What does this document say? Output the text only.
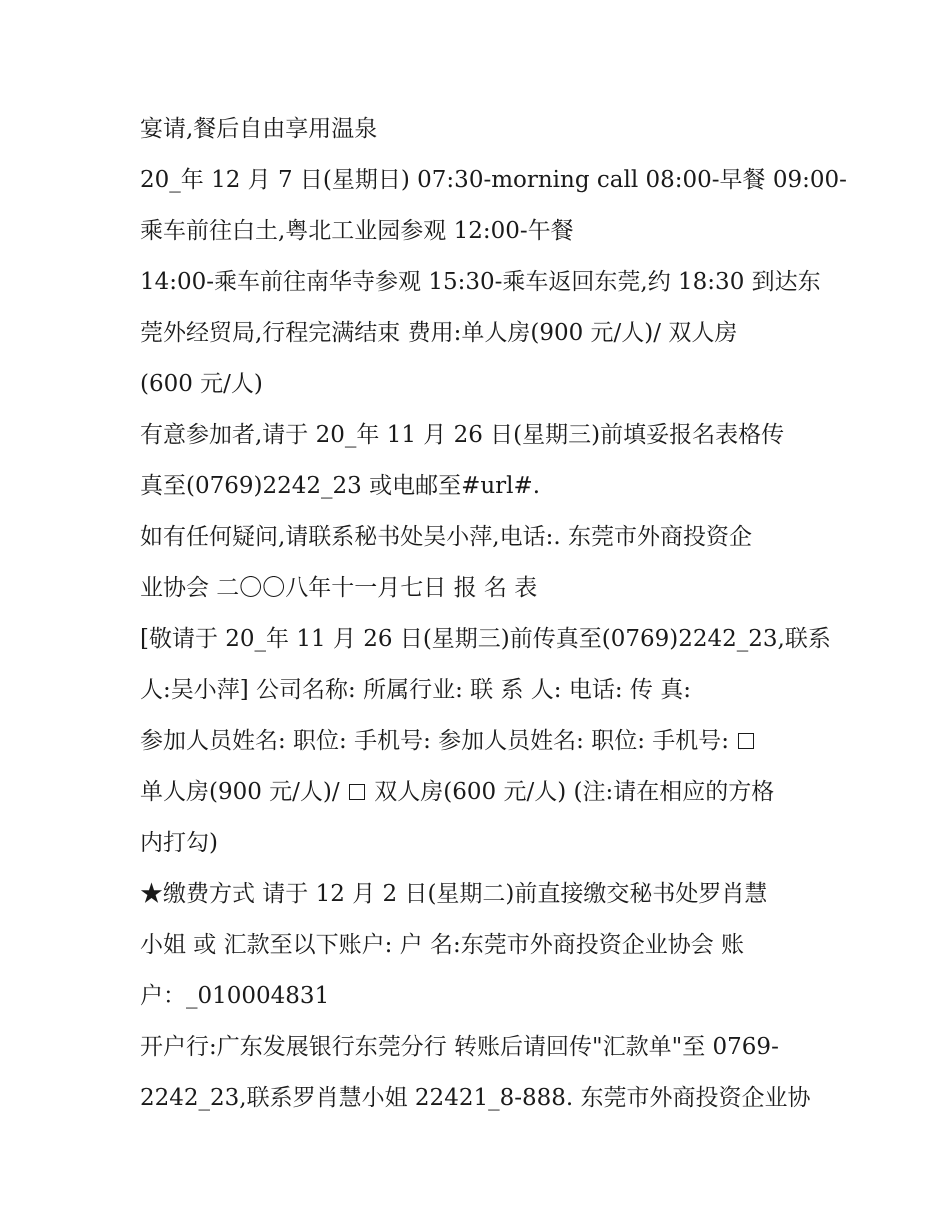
宴请,餐后自由享用温泉
20_年 12 月 7 日(星期日) 07:30-morning call 08:00-早餐 09:00-
乘车前往白土,粤北工业园参观 12:00-午餐
14:00-乘车前往南华寺参观 15:30-乘车返回东莞,约 18:30 到达东
莞外经贸局,行程完满结束 费用:单人房(900 元/人)/ 双人房
(600 元/人)
有意参加者,请于 20_年 11 月 26 日(星期三)前填妥报名表格传
真至(0769)2242_23 或电邮至#url#.
如有任何疑问,请联系秘书处吴小萍,电话:. 东莞市外商投资企
业协会 二〇〇八年十一月七日 报 名 表
[敬请于 20_年 11 月 26 日(星期三)前传真至(0769)2242_23,联系
人:吴小萍] 公司名称: 所属行业: 联 系 人: 电话: 传 真:
参加人员姓名: 职位: 手机号: 参加人员姓名: 职位: 手机号:
单人房(900 元/人)/ 双人房(600 元/人) (注:请在相应的方格
内打勾)
★缴费方式 请于 12 月 2 日(星期二)前直接缴交秘书处罗肖慧
小姐 或 汇款至以下账户: 户 名:东莞市外商投资企业协会 账
户：_010004831
开户行:广东发展银行东莞分行 转账后请回传"汇款单"至 0769-
2242_23,联系罗肖慧小姐 22421_8-888. 东莞市外商投资企业协
